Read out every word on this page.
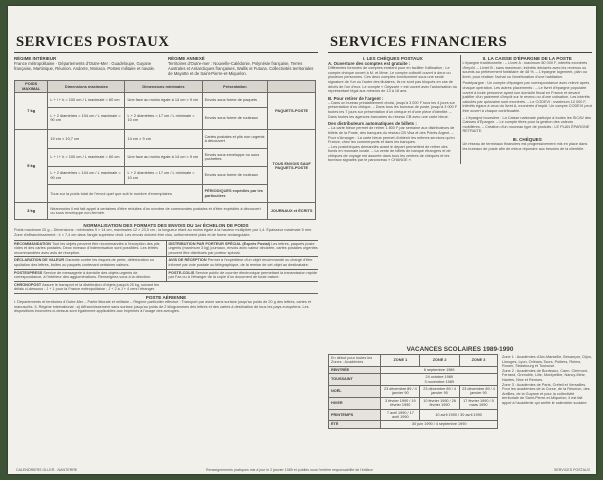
SERVICES POSTAUX
RÉGIME INTÉRIEUR
France métropolitaine · Départements d'Outre-Mer : Guadeloupe, Guyane française, Martinique, Réunion. Andorre, Monaco. Postes militaire et navale.
RÉGIME ANNEXÉ
Territoires d'Outre-mer : Nouvelle-Calédonie, Polynésie française, Terres Australes et Antarctiques françaises, Wallis et Futuna. Collectivités territoriales de Mayotte et de Saint-Pierre-et-Miquelon.
POIDS MAXIMAL	Dimensions maximales	Dimensions minimales	Présentation	
7 kg	L + l + h = 100 cm / L maximale = 60 cm	Une face au moins égale à 14 cm × 9 cm	Envois sous forme de paquets	PAQUETS-POSTE
	L + 2 diamètres = 104 cm / L maximale = 90 cm	L + 2 diamètres = 17 cm / L minimale = 10 cm	Envois sous forme de rouleaux	
5 kg	19 cm × 10,7 cm	14 cm × 9 cm	Cartes postales et plis non urgents à découvert	TOUS ENVOIS SAUF PAQUETS-POSTE
	L + l + h = 100 cm / L maximale = 60 cm	Une face au moins égale à 14 cm × 9 cm	Envois sous enveloppe ou sous pochettes	
	L + 2 diamètres = 104 cm / L maximale = 90 cm	L + 2 diamètres = 17 cm / L minimale = 10 cm	Envois sous forme de rouleaux	
	Tous sur la poids total de l'envoi quel que soit le nombre d'exemplaires		PÉRIODIQUES expédiés par les particuliers	
3 kg	Néanmoins il est fait appel à certaines d'être réduites d'un nombre de commandes postales et d'être expédiés à découvert ou sous enveloppe non-fermée.			JOURNAUX et ÉCRITS
NORMALISATION DES FORMATS DES ENVOIS DU 1er ÉCHELON DE POIDS
Poids maximum 20 g – Dimensions : minimales 9 × 14 cm, maximales 12 × 23,5 cm ; la longueur étant au moins égale à la hauteur multipliée par 1,4. Épaisseur maximale 5 mm. Zone d'affranchissement : 4 × 7,4 cm dans l'angle supérieur droit. Les envois doivent être clos, uniformément plats et de forme rectangulaire.
RECOMMANDATION Tout les objets peuvent être recommandés à l'exception des plis vides et des cartes postales. Deux niveaux d'indemnisation sont possibles. Les lettres recommandées avec avis de réception.
DISTRIBUTION PAR PORTEUR SPÉCIAL (Exprès Postal) Les lettres, paquets poste urgents (maximum 3 kg) journaux, envois avec valeur déclarée, cartes postales urgentes peuvent être distribués par porteur spécial.
DÉCLARATION DE VALEUR Garantie contre les risques de perte, détérioration ou spoliation des lettres, boîtes ou paquets contenant certaines valeurs.
AVIS DE RÉCEPTION Permet à l'expéditeur d'un objet recommandé ou chargé d'être informé par voie postale ou télégraphique, de la remise de cet objet au destinataire.
POSTEXPRESS Service de messagerie à domicile des objets urgents de correspondance, à l'intérieur des agglomérations. Renseignez-vous à la direction.
POSTE-COLIS Service public de courrier électronique permettant la transmission rapide par Fax ou à l'étranger de la copie d'un document de toute nature.
CHRONOPOST Assure le transport et la distribution d'objets jusqu'à 25 kg, suivant les délais ci-dessous : J + 1 pour la France métropolitaine ; J + 2 à J + 4 vers l'étranger.
POSTE AÉRIENNE
I. Départements et territoires d'Outre-Mer – Partie littorale et militaire – Régime particulier effectué : Transport par avion sans surtaxe jusqu'au poids de 20 g des lettres, cartes et manuscrits. II. Régime international : a) Affranchissement sans surtaxe jusqu'au poids de 2 kilogrammes des lettres et des cartes à destination de tous les pays européens. Les dispositions énoncées ci-dessus sont également applicables aux imprimés à l'usage des aveugles.
CALENDRIERS OLLER - NANTERRE
SERVICES FINANCIERS
I. LES CHÈQUES POSTAUX
A. Ouverture des comptes est gratuite :
Différentes formules de comptes existent pour en faciliter l'utilisation : Le compte chèque ouvert à M. et Mme. Le compte collectif ouvert à deux ou plusieurs personnes. Ces deux comptes fonctionnent sous une seule signature de l'un ou l'autre des titulaires, ils ne sont pas bloqués en cas de décès de l'un d'eux. Le compte « Odyssée » est ouvert avec l'autorisation du représentant légal aux mineurs de 13 à 18 ans.
B. Pour retirer de l'argent :
– Dans un bureau préalablement choisi, jusqu'à 3 000 F tous les 4 jours sur présentation d'un chèque. – Dans tous les bureaux de poste, jusqu'à 3 000 F toutes les 7 jours sur présentation d'un chèque et d'une pièce d'identité. – Dans toutes les agences bancaires du réseau CB avec une carte bleue.
Des distributeurs automatiques de billets :
– La carte bleue permet de retirer 1 800 F par semaine aux distributeurs de billets de la Poste, des banques du réseau CB Visa et des Points Argent. – Pour s'Arranger : La carte bleue permet d'obtenir les mêmes services qu'en France, chez les commerçants et dans les banques.
– Les postchèques demandés avant le départ permettent de retirer des fonds en monnaie locale. – La vente de billets de banque étrangers et de chèques de voyage est assurée dans tous les centres de chèques et les bureaux signalés par le panonceau « CHANGE ».
II. LA CAISSE D'ÉPARGNE DE LA POSTE
L'épargne traditionnelle : – Livret A : maximum 80 000 F, intérêts exonérés d'impôt. – Livret B : sans maximum, intérêts déclarés avec les revenus ou soumis au prélèvement forfaitaire de 48 %. – L'épargne logement, plan ou livret, pour réaliser l'achat ou l'amélioration d'une habitation.
Postépargne : Un compte d'épargne par correspondance avec relevé après chaque opération. Les autres placements : – Le livret d'épargne populaire ouvert à toute personne ayant son domicile fiscal en France et devant justifier d'un paiement d'impôt sur le revenu ou d'une cotisation. Les intérêts calculés par quinzaine sont exonérés. – Le CODEVI : maximum 10 000 F, intérêts égaux à ceux du livret A, exonérés d'impôt. Un compte CODEVI peut être ouvert à chaque contribuable.
– L'épargne boursière : La Caisse nationale participe à toutes les SICAV des Caisses d'Épargne. – Le compte titres pour la gestion des valeurs mobilières. – Création d'un nouveau type de produits : LE PLAN ÉPARGNE RETRAITE.
III. CHÈQUES
Un réseau de terminaux financiers est progressivement mis en place dans les bureaux de poste afin de mieux répondre aux besoins de la clientèle.
VACANCES SCOLAIRES 1989-1990
En début pour toutes les Zones : Académies	ZONE 1	ZONE 2	ZONE 3
RENTRÉE	6 septembre 1989		
TOUSSAINT	24 octobre 1989
3 novembre 1989		
NOËL	23 décembre 89 / 4 janvier 90	23 décembre 89 / 4 janvier 90	23 décembre 89 / 4 janvier 90
HIVER	3 février 1990 / 19 février 1990	10 février 1990 / 26 février 1990	17 février 1990 / 5 mars 1990
PRINTEMPS	7 avril 1990 / 17 avril 1990	10 avril 1990 / 30 avril 1990	
ÉTÉ	30 juin 1990 / 4 septembre 1990		
Zone 1 : Académies d'Aix-Marseille, Besançon, Dijon, Limoges, Lyon, Orléans-Tours, Poitiers, Reims, Rouen, Strasbourg et Toulouse.
Zone 2 : Académies de Bordeaux, Caen, Clermont-Ferrand, Grenoble, Lille, Montpellier, Nancy-Metz, Nantes, Nice et Rennes.
Zone 3 : Académies de Paris, Créteil et Versailles.
Pour les académies de la Corse, de la Réunion, des Antilles, de la Guyane et pour la collectivité territoriale de Saint-Pierre-et-Miquelon, il est fait appel à l'académie qui arrête le calendrier scolaire.
Renseignements pratiques mis à jour le 2 janvier 1989 et publiés sous l'entière responsabilité de l'éditeur	SERVICES POSTAUX
